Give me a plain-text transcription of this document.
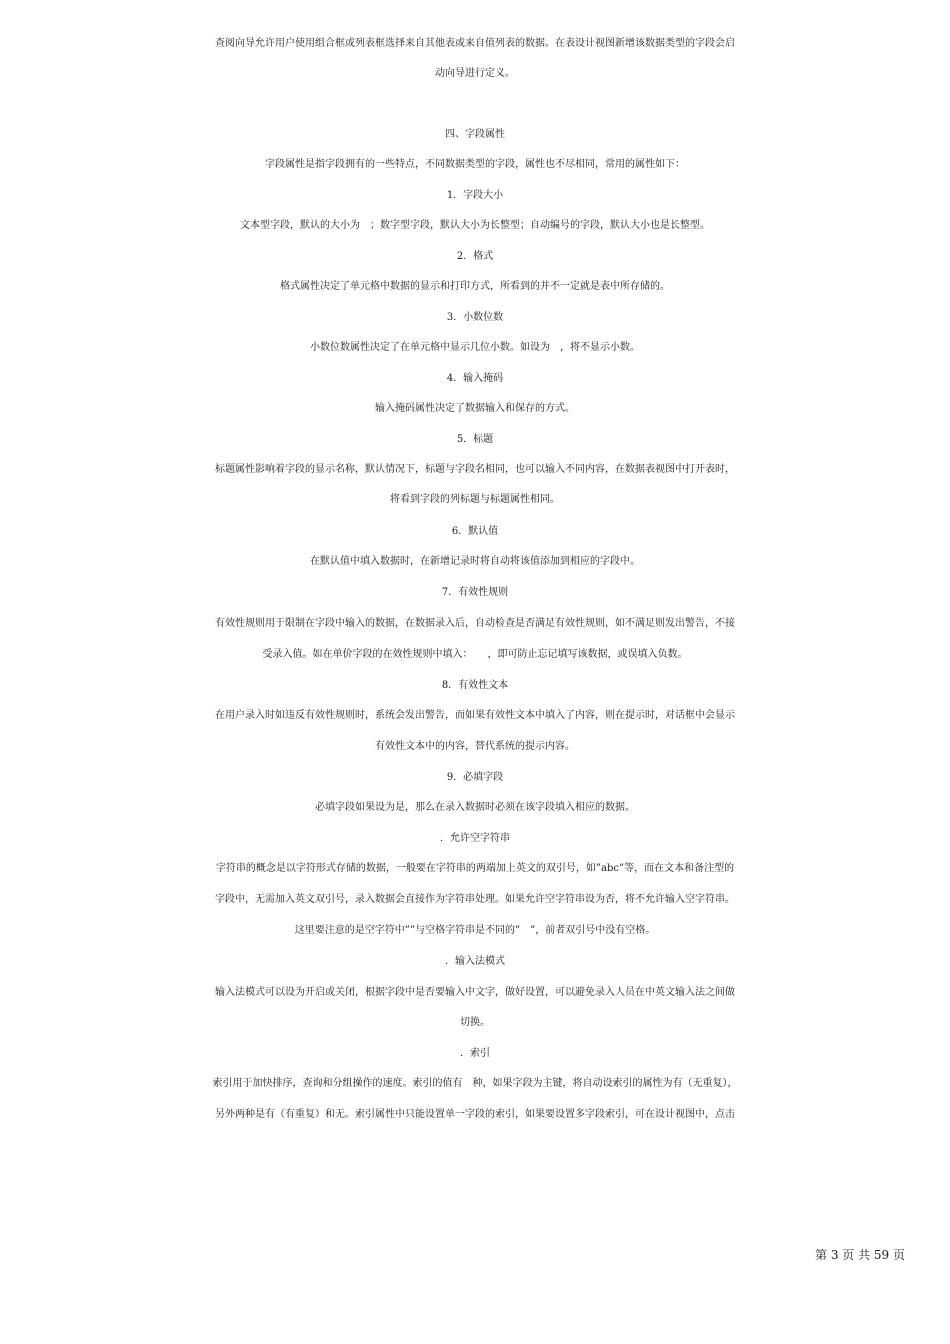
查阅向导允许用户使用组合框或列表框选择来自其他表或来自值列表的数据。在表设计视图新增该数据类型的字段会启
动向导进行定义。
四、字段属性
字段属性是指字段拥有的一些特点，不同数据类型的字段，属性也不尽相同，常用的属性如下：
1．字段大小
文本型字段，默认的大小为　；数字型字段，默认大小为长整型；自动编号的字段，默认大小也是长整型。
2．格式
格式属性决定了单元格中数据的显示和打印方式，所看到的并不一定就是表中所存储的。
3．小数位数
小数位数属性决定了在单元格中显示几位小数。如设为　，将不显示小数。
4．输入掩码
输入掩码属性决定了数据输入和保存的方式。
5．标题
标题属性影响着字段的显示名称，默认情况下，标题与字段名相同，也可以输入不同内容，在数据表视图中打开表时，
将看到字段的列标题与标题属性相同。
6．默认值
在默认值中填入数据时，在新增记录时将自动将该值添加到相应的字段中。
7．有效性规则
有效性规则用于限制在字段中输入的数据，在数据录入后，自动检查是否满足有效性规则，如不满足则发出警告，不接
受录入值。如在单价字段的在效性规则中填入：　　，即可防止忘记填写该数据，或误填入负数。
8．有效性文本
在用户录入时如违反有效性规则时，系统会发出警告，而如果有效性文本中填入了内容，则在提示时，对话框中会显示
有效性文本中的内容，替代系统的提示内容。
9．必填字段
必填字段如果设为是，那么在录入数据时必须在该字段填入相应的数据。
．允许空字符串
字符串的概念是以字符形式存储的数据，一般要在字符串的两端加上英文的双引号，如”abc”等，而在文本和备注型的
字段中，无需加入英文双引号，录入数据会直接作为字符串处理。如果允许空字符串设为否，将不允许输入空字符串。
这里要注意的是空字符中””与空格字符串是不同的”　”，前者双引号中没有空格。
．输入法模式
输入法模式可以设为开启或关闭，根据字段中是否要输入中文字，做好设置，可以避免录入人员在中英文输入法之间做
切换。
．索引
索引用于加快排序，查询和分组操作的速度。索引的值有　种，如果字段为主键，将自动设索引的属性为有（无重复），
另外两种是有（有重复）和无。索引属性中只能设置单一字段的索引，如果要设置多字段索引，可在设计视图中，点击
第 3 页 共 59 页
